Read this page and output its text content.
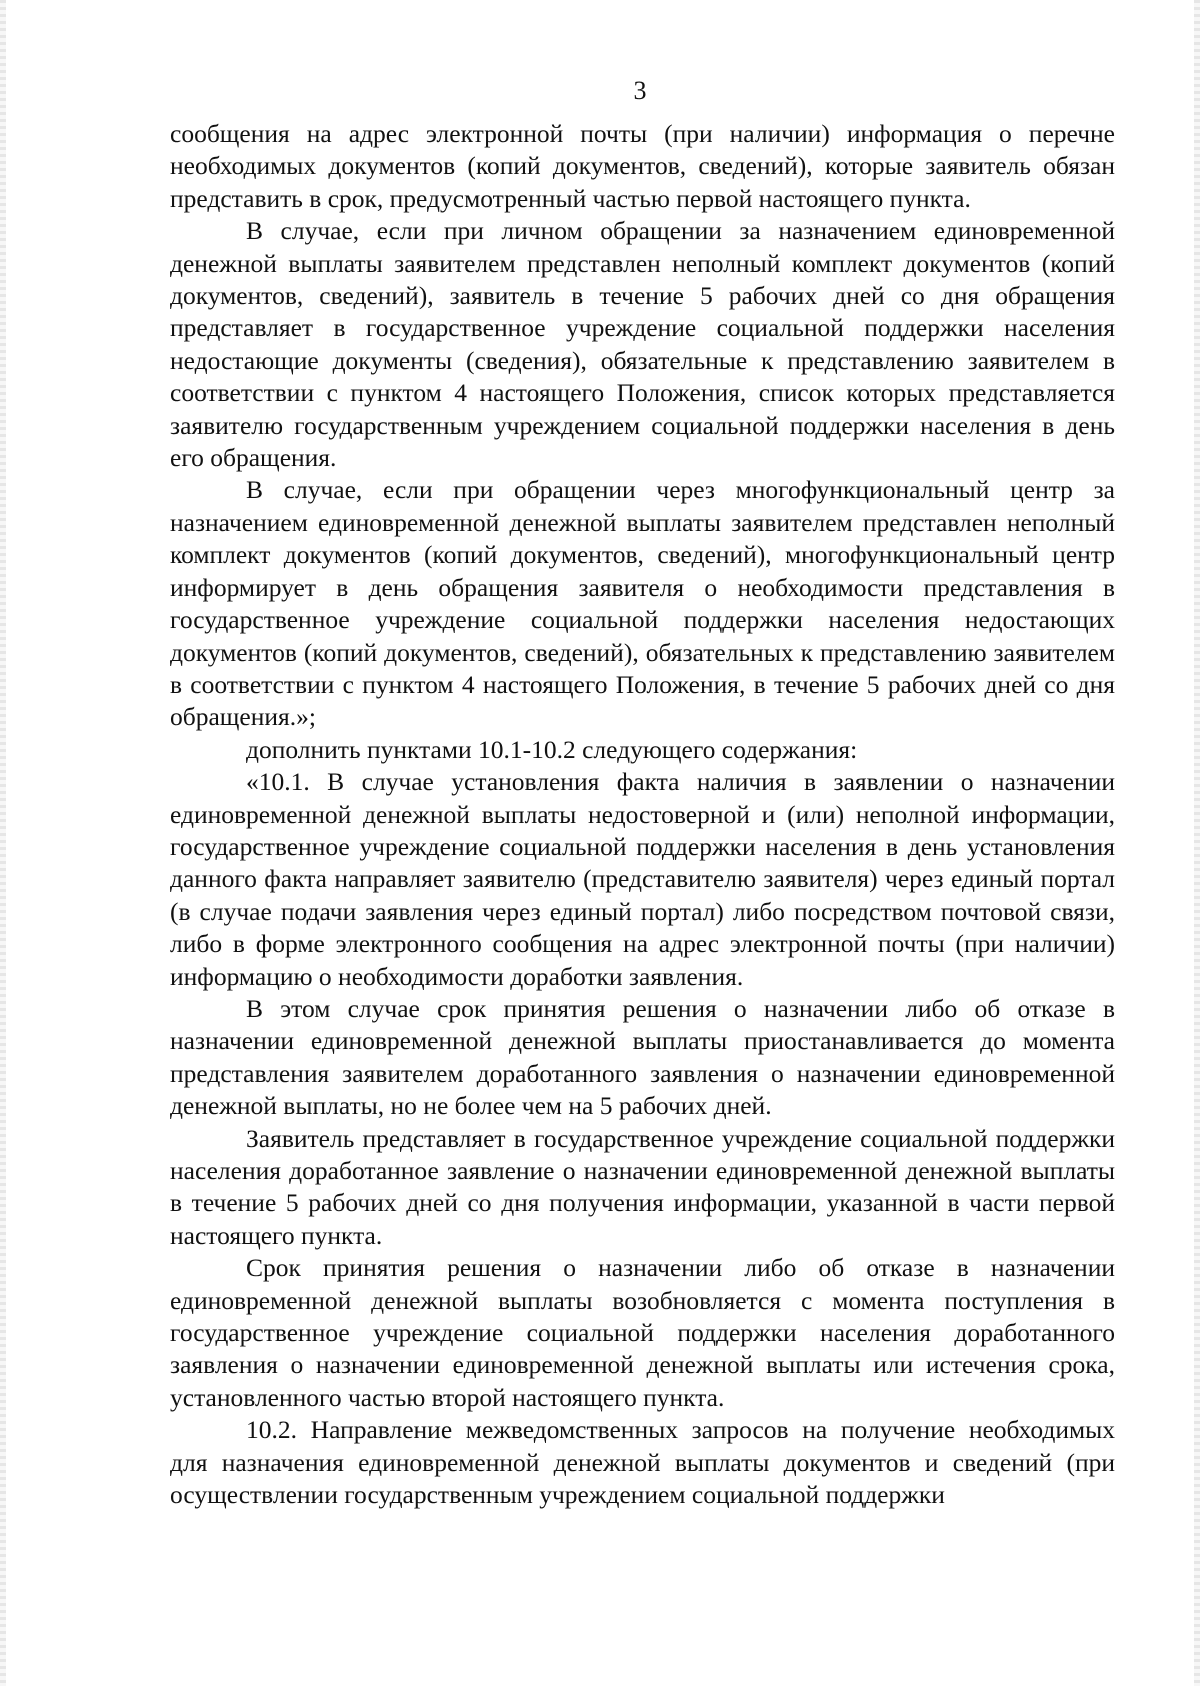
3

сообщения на адрес электронной почты (при наличии) информация о перечне необходимых документов (копий документов, сведений), которые заявитель обязан представить в срок, предусмотренный частью первой настоящего пункта.

В случае, если при личном обращении за назначением единовременной денежной выплаты заявителем представлен неполный комплект документов (копий документов, сведений), заявитель в течение 5 рабочих дней со дня обращения представляет в государственное учреждение социальной поддержки населения недостающие документы (сведения), обязательные к представлению заявителем в соответствии с пунктом 4 настоящего Положения, список которых представляется заявителю государственным учреждением социальной поддержки населения в день его обращения.

В случае, если при обращении через многофункциональный центр за назначением единовременной денежной выплаты заявителем представлен неполный комплект документов (копий документов, сведений), многофункциональный центр информирует в день обращения заявителя о необходимости представления в государственное учреждение социальной поддержки населения недостающих документов (копий документов, сведений), обязательных к представлению заявителем в соответствии с пунктом 4 настоящего Положения, в течение 5 рабочих дней со дня обращения.»;

дополнить пунктами 10.1-10.2 следующего содержания:

«10.1. В случае установления факта наличия в заявлении о назначении единовременной денежной выплаты недостоверной и (или) неполной информации, государственное учреждение социальной поддержки населения в день установления данного факта направляет заявителю (представителю заявителя) через единый портал (в случае подачи заявления через единый портал) либо посредством почтовой связи, либо в форме электронного сообщения на адрес электронной почты (при наличии) информацию о необходимости доработки заявления.

В этом случае срок принятия решения о назначении либо об отказе в назначении единовременной денежной выплаты приостанавливается до момента представления заявителем доработанного заявления о назначении единовременной денежной выплаты, но не более чем на 5 рабочих дней.

Заявитель представляет в государственное учреждение социальной поддержки населения доработанное заявление о назначении единовременной денежной выплаты в течение 5 рабочих дней со дня получения информации, указанной в части первой настоящего пункта.

Срок принятия решения о назначении либо об отказе в назначении единовременной денежной выплаты возобновляется с момента поступления в государственное учреждение социальной поддержки населения доработанного заявления о назначении единовременной денежной выплаты или истечения срока, установленного частью второй настоящего пункта.

10.2. Направление межведомственных запросов на получение необходимых для назначения единовременной денежной выплаты документов и сведений (при осуществлении государственным учреждением социальной поддержки
